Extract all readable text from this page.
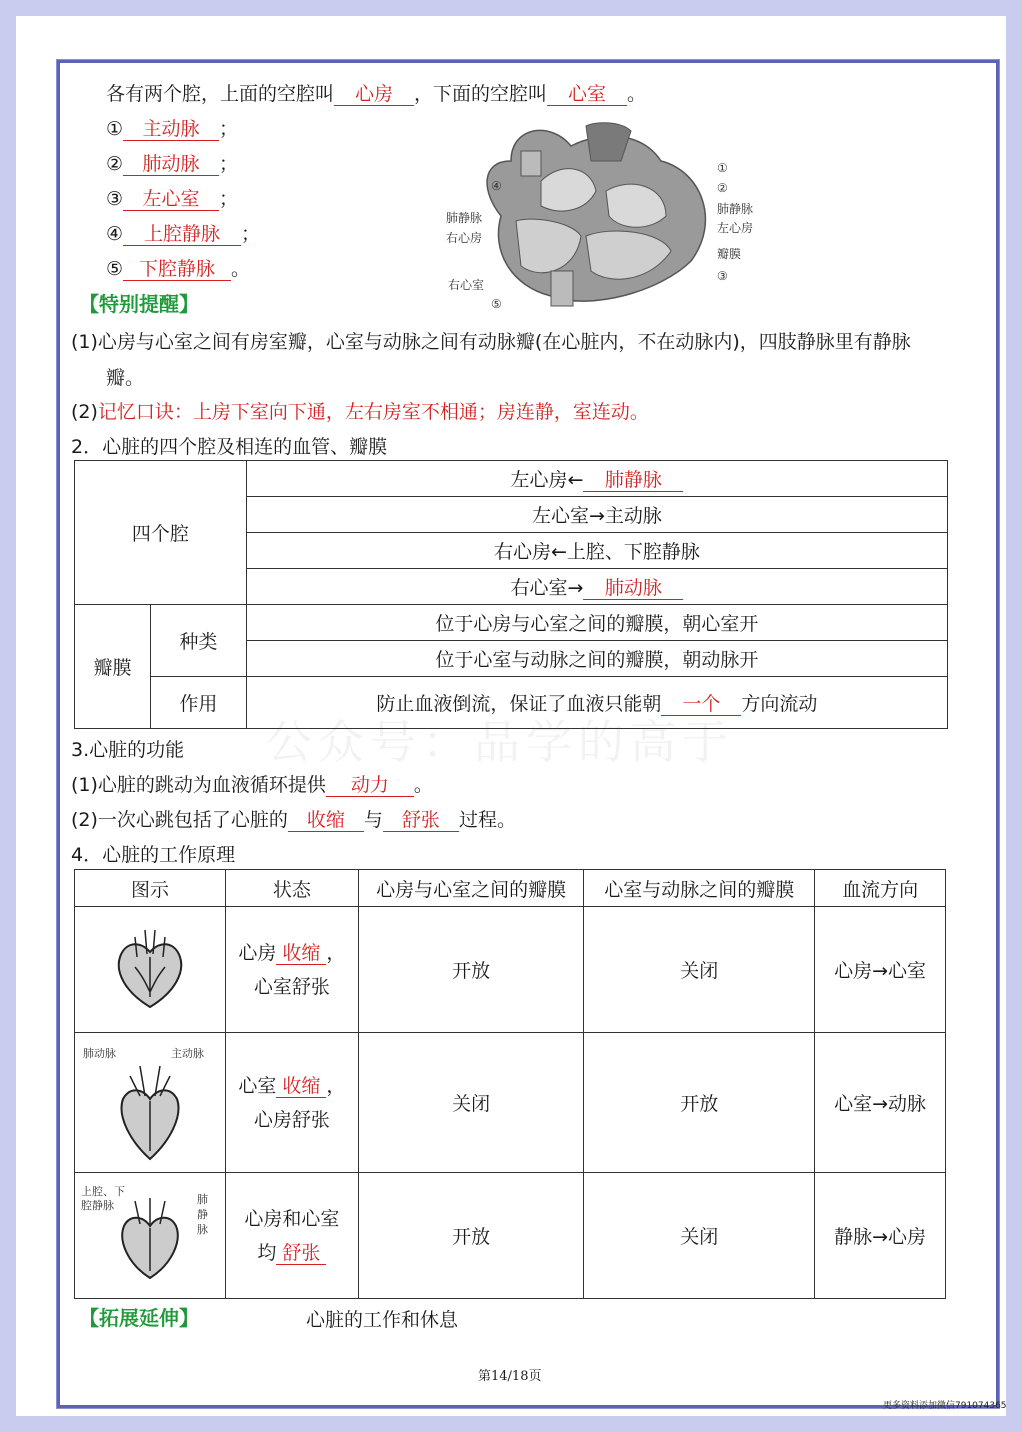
公众号：品学的高于
各有两个腔，上面的空腔叫 心房 ，下面的空腔叫 心室 。
① 主动脉 ；
② 肺动脉 ；
③ 左心室 ；
④ 上腔静脉 ；
⑤ 下腔静脉 。
④
肺静脉
右心房
右心室
⑤
①
②
肺静脉
左心房
瓣膜
③
【特别提醒】
(1)心房与心室之间有房室瓣，心室与动脉之间有动脉瓣(在心脏内，不在动脉内)，四肢静脉里有静脉
瓣。
(2)记忆口诀：上房下室向下通，左右房室不相通；房连静，室连动。
2．心脏的四个腔及相连的血管、瓣膜
四个腔		左心房← 肺静脉
		左心室→主动脉
		右心房←上腔、下腔静脉
		右心室→ 肺动脉
瓣膜	种类	位于心房与心室之间的瓣膜，朝心室开
		位于心室与动脉之间的瓣膜，朝动脉开
	作用	防止血液倒流，保证了血液只能朝 一个 方向流动
3.心脏的功能
(1)心脏的跳动为血液循环提供 动力 。
(2)一次心跳包括了心脏的 收缩 与 舒张 过程。
4．心脏的工作原理
图示	状态	心房与心室之间的瓣膜	心室与动脉之间的瓣膜	血流方向
	心房 收缩 ，
心室舒张	开放	关闭	心房→心室

肺动脉 主动脉	心室 收缩 ，
心房舒张	关闭	开放	心室→动脉

上腔、下
腔静脉 肺
静
脉	心房和心室
均 舒张	开放	关闭	静脉→心房
【拓展延伸】	心脏的工作和休息
第14/18页
更多资料添加微信791074365
